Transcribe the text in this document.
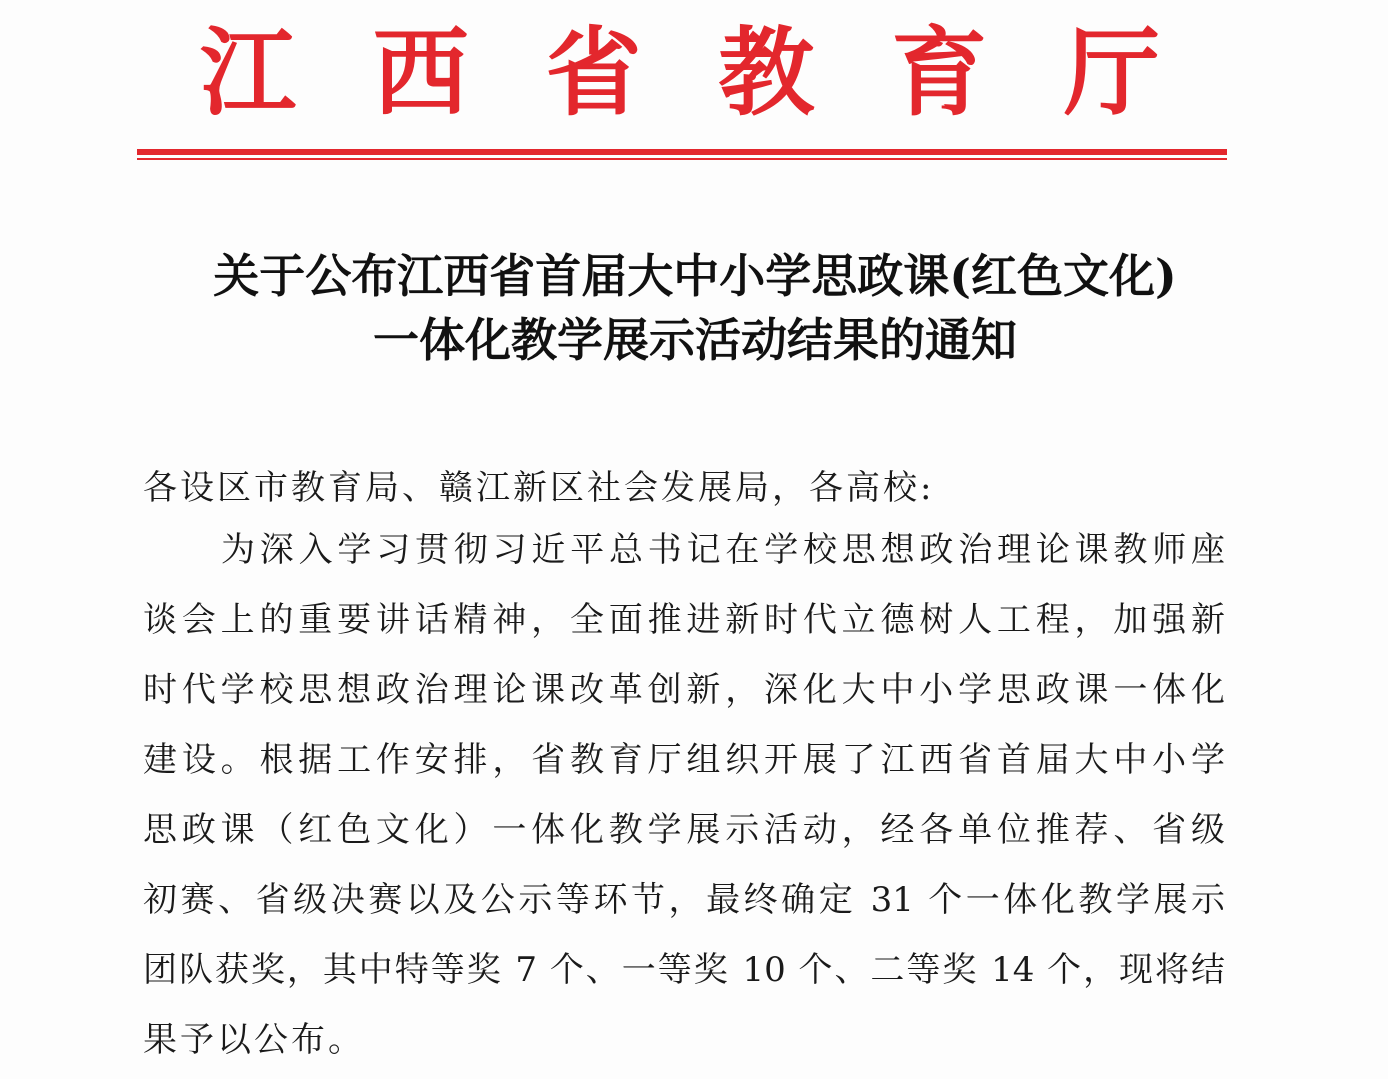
江 西 省 教 育 厅
关于公布江西省首届大中小学思政课(红色文化)
一体化教学展示活动结果的通知
各设区市教育局、赣江新区社会发展局，各高校:
为深入学习贯彻习近平总书记在学校思想政治理论课教师座
谈会上的重要讲话精神，全面推进新时代立德树人工程，加强新
时代学校思想政治理论课改革创新，深化大中小学思政课一体化
建设。根据工作安排，省教育厅组织开展了江西省首届大中小学
思政课（红色文化）一体化教学展示活动，经各单位推荐、省级
初赛、省级决赛以及公示等环节，最终确定 31 个一体化教学展示
团队获奖，其中特等奖 7 个、一等奖 10 个、二等奖 14 个，现将结
果予以公布。
